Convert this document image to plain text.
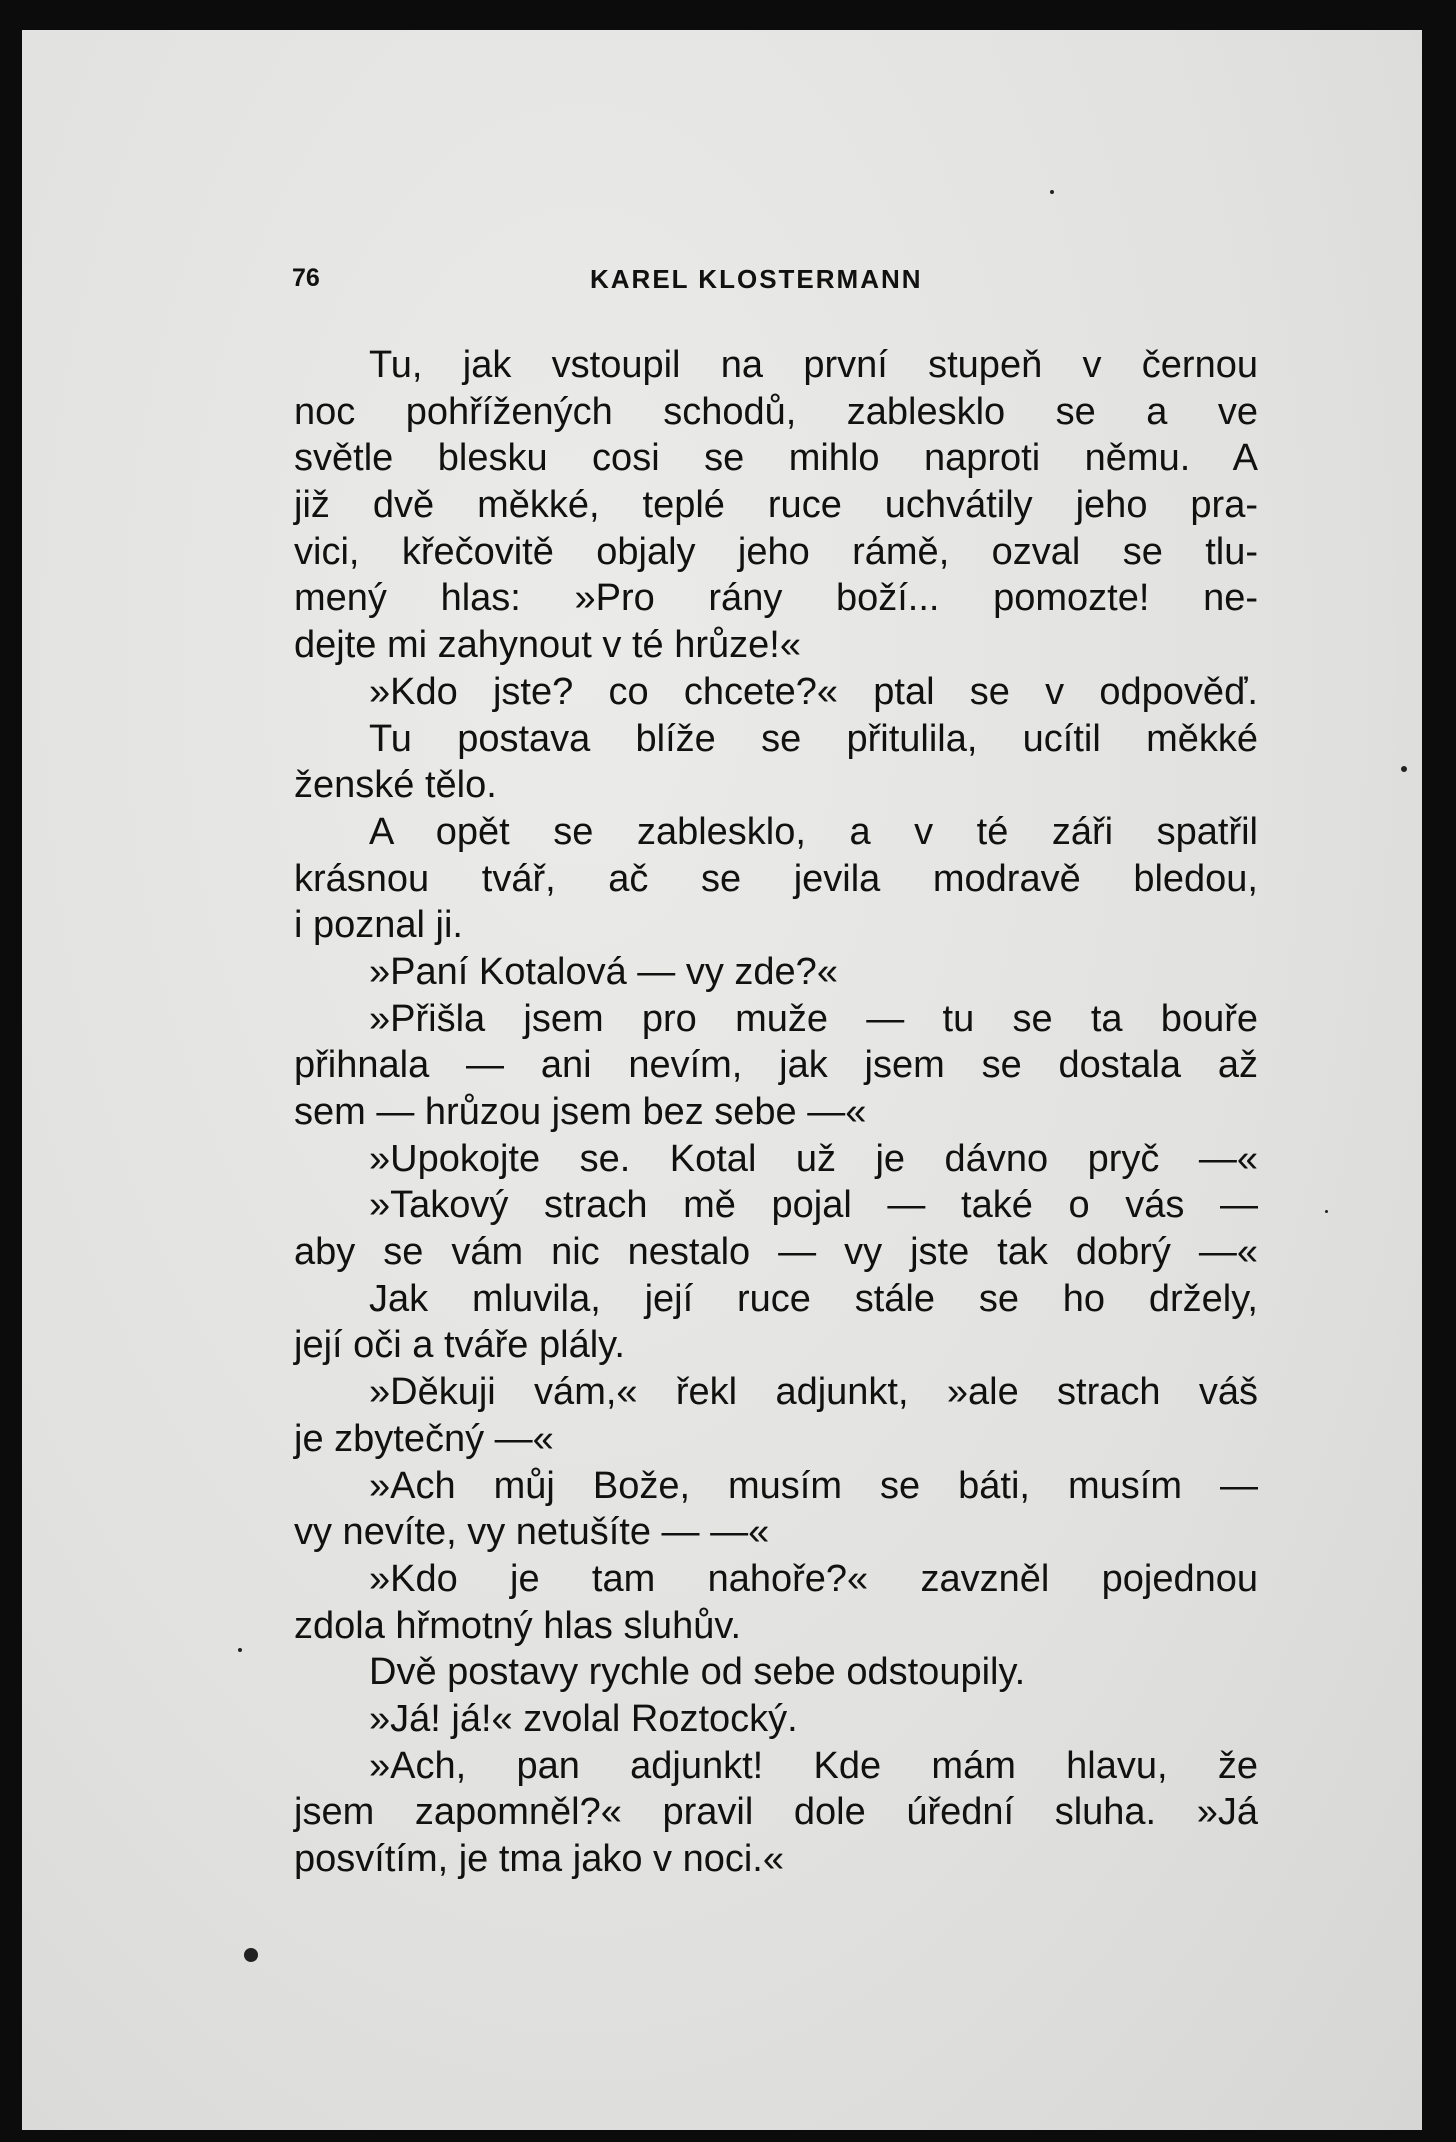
76	KAREL KLOSTERMANN
Tu, jak vstoupil na první stupeň v černou
noc pohřížených schodů, zablesklo se a ve
světle blesku cosi se mihlo naproti němu. A
již dvě měkké, teplé ruce uchvátily jeho pra-
vici, křečovitě objaly jeho rámě, ozval se tlu-
mený hlas: »Pro rány boží... pomozte! ne-
dejte mi zahynout v té hrůze!«
»Kdo jste? co chcete?« ptal se v odpověď.
Tu postava blíže se přitulila, ucítil měkké
ženské tělo.
A opět se zablesklo, a v té záři spatřil
krásnou tvář, ač se jevila modravě bledou,
i poznal ji.
»Paní Kotalová — vy zde?«
»Přišla jsem pro muže — tu se ta bouře
přihnala — ani nevím, jak jsem se dostala až
sem — hrůzou jsem bez sebe —«
»Upokojte se. Kotal už je dávno pryč —«
»Takový strach mě pojal — také o vás —
aby se vám nic nestalo — vy jste tak dobrý —«
Jak mluvila, její ruce stále se ho držely,
její oči a tváře plály.
»Děkuji vám,« řekl adjunkt, »ale strach váš
je zbytečný —«
»Ach můj Bože, musím se báti, musím —
vy nevíte, vy netušíte — —«
»Kdo je tam nahoře?« zavzněl pojednou
zdola hřmotný hlas sluhův.
Dvě postavy rychle od sebe odstoupily.
»Já! já!« zvolal Roztocký.
»Ach, pan adjunkt! Kde mám hlavu, že
jsem zapomněl?« pravil dole úřední sluha. »Já
posvítím, je tma jako v noci.«
